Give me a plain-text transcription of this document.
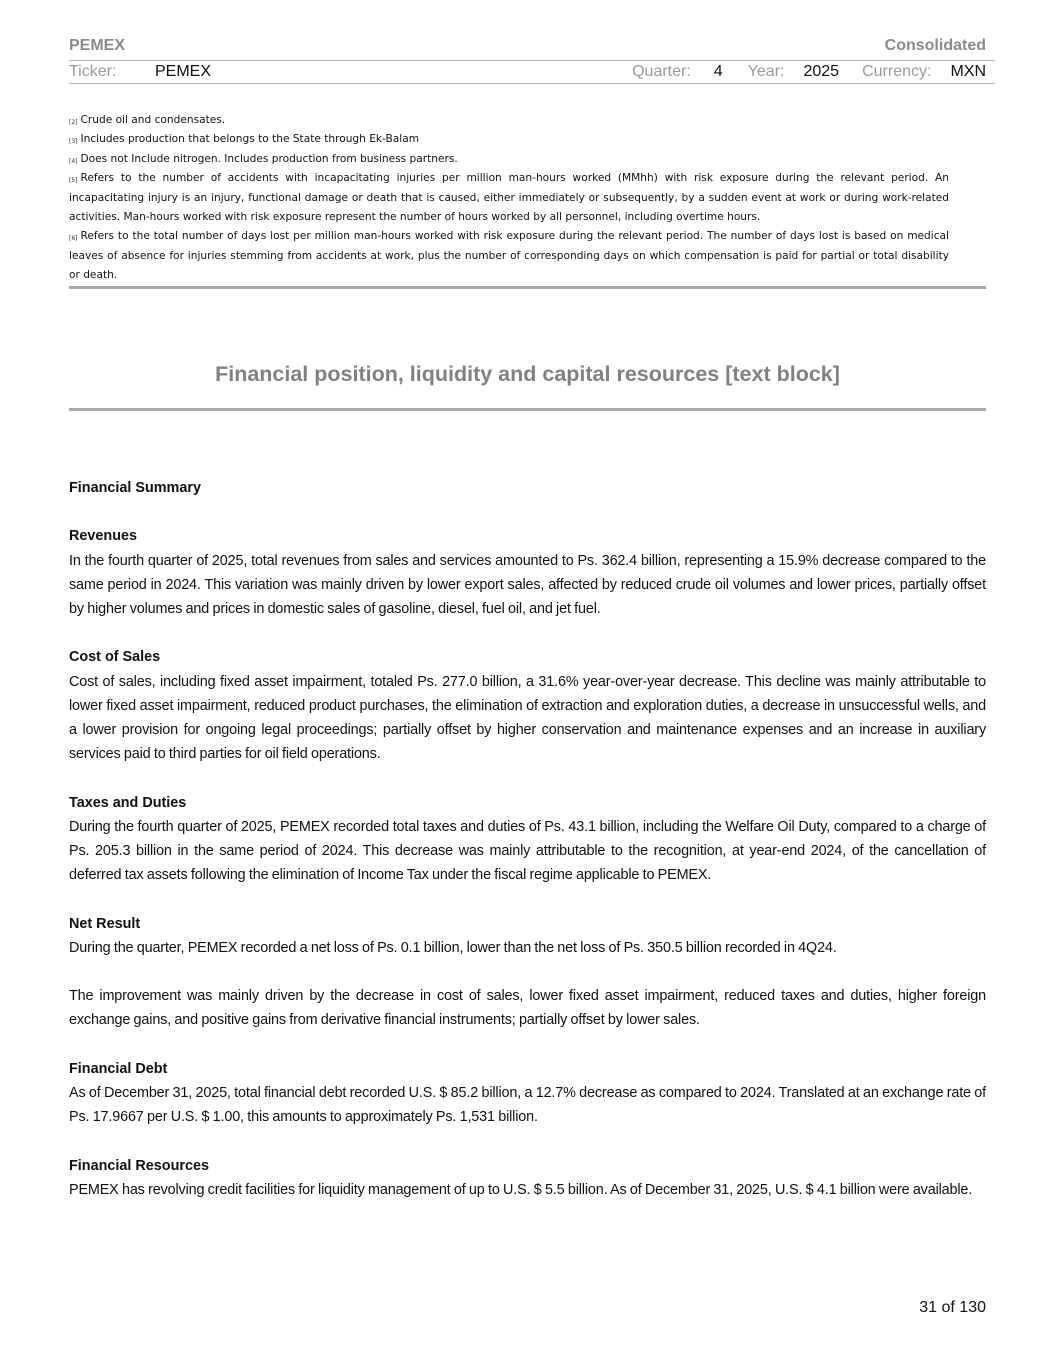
PEMEX	Consolidated
Ticker: PEMEX	Quarter: 4 Year: 2025 Currency: MXN

[2] Crude oil and condensates.

[3] Includes production that belongs to the State through Ek-Balam

[4] Does not Include nitrogen. Includes production from business partners.

[5] Refers to the number of accidents with incapacitating injuries per million man-hours worked (MMhh) with risk exposure during the relevant period. An incapacitating injury is an injury, functional damage or death that is caused, either immediately or subsequently, by a sudden event at work or during work-related activities. Man-hours worked with risk exposure represent the number of hours worked by all personnel, including overtime hours.

[6] Refers to the total number of days lost per million man-hours worked with risk exposure during the relevant period. The number of days lost is based on medical leaves of absence for injuries stemming from accidents at work, plus the number of corresponding days on which compensation is paid for partial or total disability or death.

Financial position, liquidity and capital resources [text block]
Financial Summary
Revenues

In the fourth quarter of 2025, total revenues from sales and services amounted to Ps. 362.4 billion, representing a 15.9% decrease compared to the same period in 2024. This variation was mainly driven by lower export sales, affected by reduced crude oil volumes and lower prices, partially offset by higher volumes and prices in domestic sales of gasoline, diesel, fuel oil, and jet fuel.

Cost of Sales

Cost of sales, including fixed asset impairment, totaled Ps. 277.0 billion, a 31.6% year-over-year decrease. This decline was mainly attributable to lower fixed asset impairment, reduced product purchases, the elimination of extraction and exploration duties, a decrease in unsuccessful wells, and a lower provision for ongoing legal proceedings; partially offset by higher conservation and maintenance expenses and an increase in auxiliary services paid to third parties for oil field operations.

Taxes and Duties

During the fourth quarter of 2025, PEMEX recorded total taxes and duties of Ps. 43.1 billion, including the Welfare Oil Duty, compared to a charge of Ps. 205.3 billion in the same period of 2024. This decrease was mainly attributable to the recognition, at year-end 2024, of the cancellation of deferred tax assets following the elimination of Income Tax under the fiscal regime applicable to PEMEX.

Net Result

During the quarter, PEMEX recorded a net loss of Ps. 0.1 billion, lower than the net loss of Ps. 350.5 billion recorded in 4Q24.

The improvement was mainly driven by the decrease in cost of sales, lower fixed asset impairment, reduced taxes and duties, higher foreign exchange gains, and positive gains from derivative financial instruments; partially offset by lower sales.

Financial Debt

As of December 31, 2025, total financial debt recorded U.S. $ 85.2 billion, a 12.7% decrease as compared to 2024. Translated at an exchange rate of Ps. 17.9667 per U.S. $ 1.00, this amounts to approximately Ps. 1,531 billion.

Financial Resources

PEMEX has revolving credit facilities for liquidity management of up to U.S. $ 5.5 billion. As of December 31, 2025, U.S. $ 4.1 billion were available.

31 of 130
